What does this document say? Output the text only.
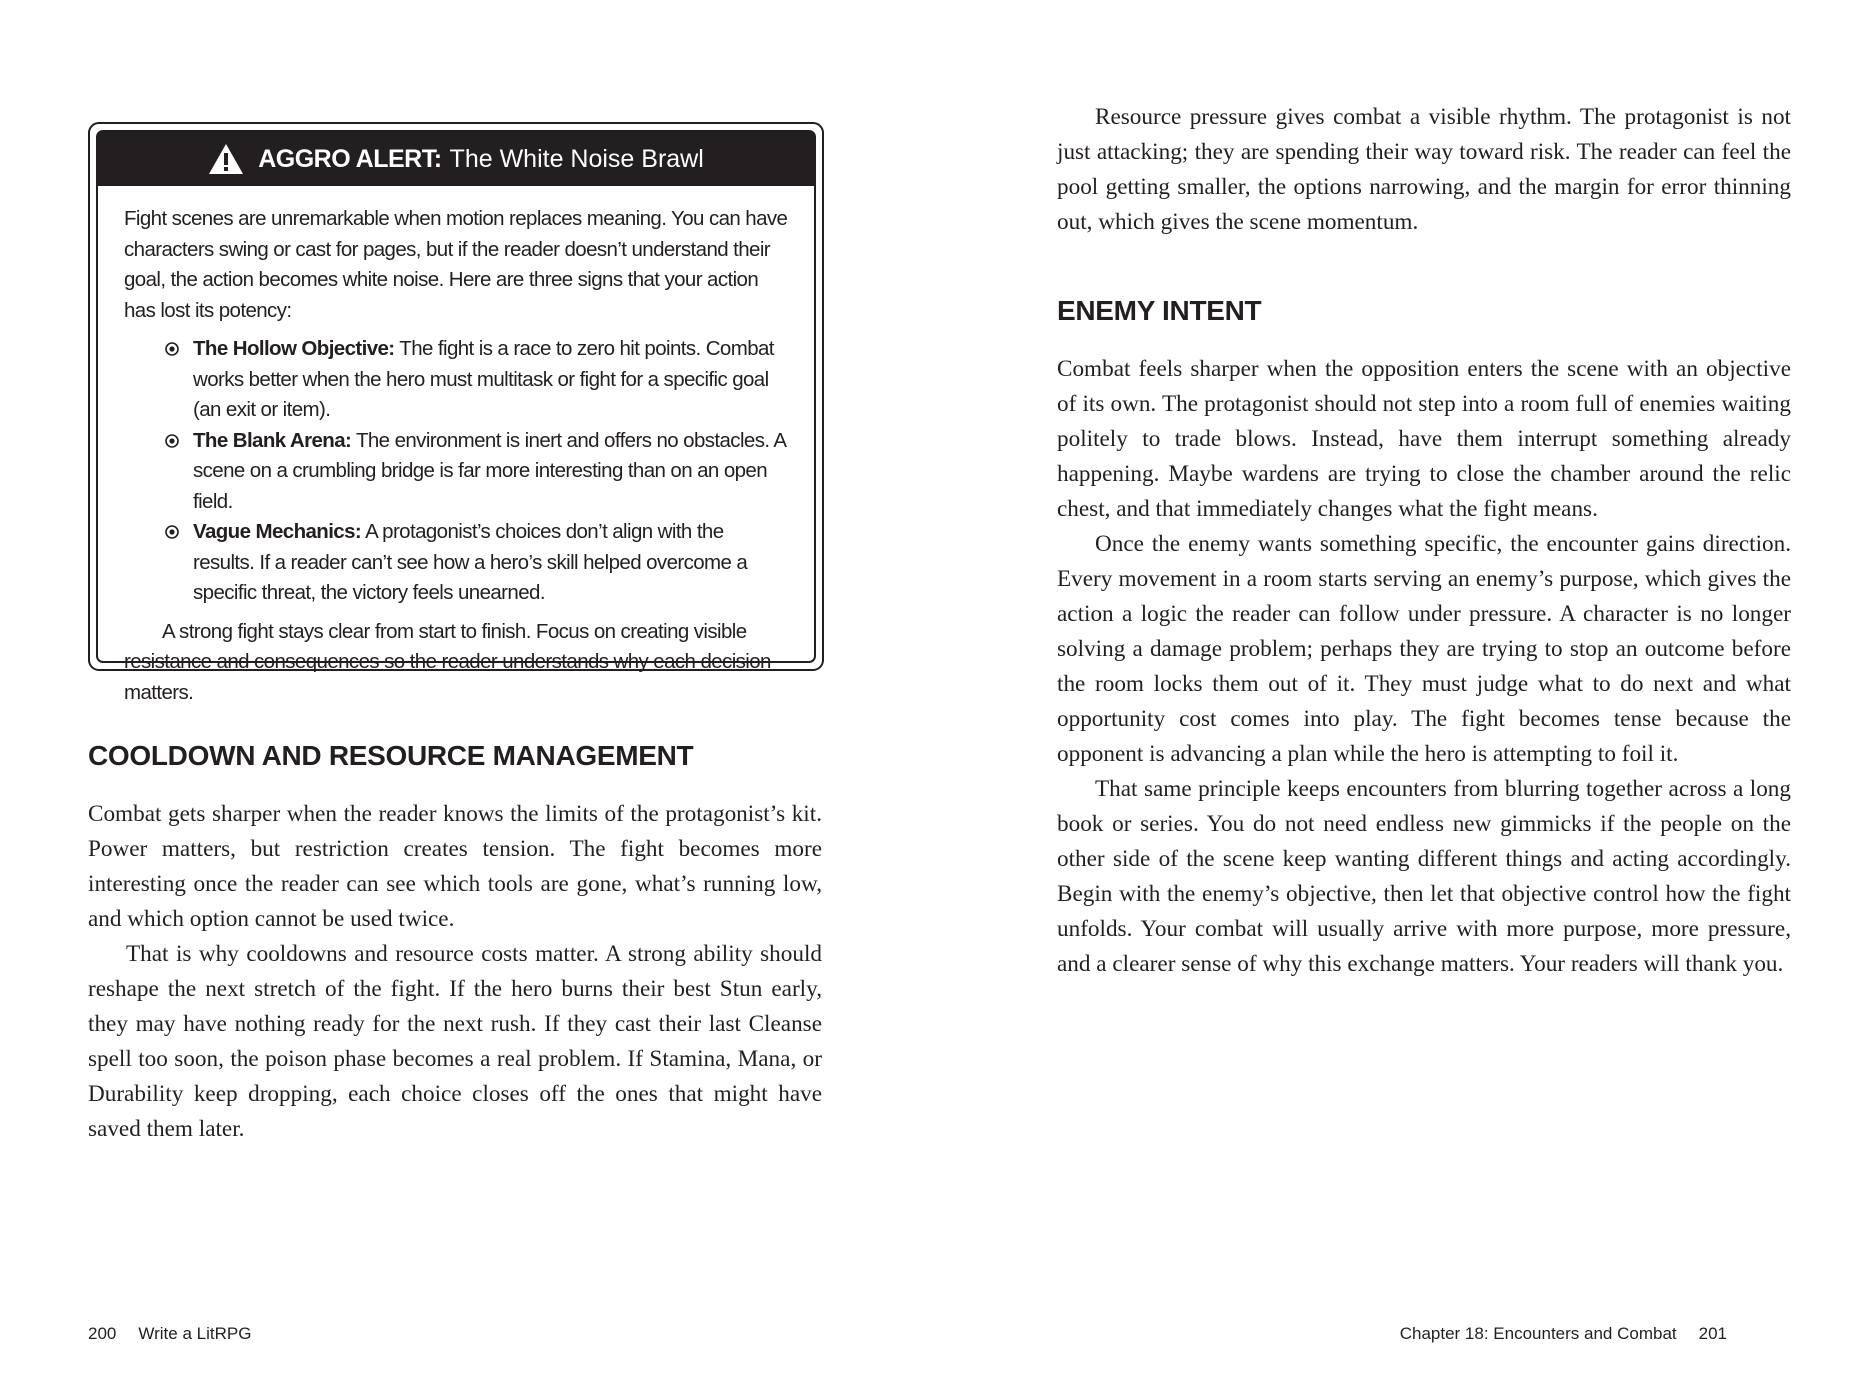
AGGRO ALERT: The White Noise Brawl

Fight scenes are unremarkable when motion replaces meaning. You can have characters swing or cast for pages, but if the reader doesn’t understand their goal, the action becomes white noise. Here are three signs that your action has lost its potency:

The Hollow Objective: The fight is a race to zero hit points. Combat works better when the hero must multitask or fight for a specific goal (an exit or item).
The Blank Arena: The environment is inert and offers no obstacles. A scene on a crumbling bridge is far more interesting than on an open field.
Vague Mechanics: A protagonist’s choices don’t align with the results. If a reader can’t see how a hero’s skill helped overcome a specific threat, the victory feels unearned.

A strong fight stays clear from start to finish. Focus on creating visible resistance and consequences so the reader understands why each decision matters.

COOLDOWN AND RESOURCE MANAGEMENT

Combat gets sharper when the reader knows the limits of the protagonist’s kit. Power matters, but restriction creates tension. The fight becomes more interesting once the reader can see which tools are gone, what’s running low, and which option cannot be used twice.

That is why cooldowns and resource costs matter. A strong ability should reshape the next stretch of the fight. If the hero burns their best Stun early, they may have nothing ready for the next rush. If they cast their last Cleanse spell too soon, the poison phase becomes a real problem. If Stamina, Mana, or Durability keep dropping, each choice closes off the ones that might have saved them later.

200 Write a LitRPG

Resource pressure gives combat a visible rhythm. The protagonist is not just attacking; they are spending their way toward risk. The reader can feel the pool getting smaller, the options narrowing, and the margin for error thinning out, which gives the scene momentum.

ENEMY INTENT

Combat feels sharper when the opposition enters the scene with an objective of its own. The protagonist should not step into a room full of enemies waiting politely to trade blows. Instead, have them interrupt something already happening. Maybe wardens are trying to close the chamber around the relic chest, and that immediately changes what the fight means.

Once the enemy wants something specific, the encounter gains direction. Every movement in a room starts serving an enemy’s purpose, which gives the action a logic the reader can follow under pressure. A character is no longer solving a damage problem; perhaps they are trying to stop an outcome before the room locks them out of it. They must judge what to do next and what opportunity cost comes into play. The fight becomes tense because the opponent is advancing a plan while the hero is attempting to foil it.

That same principle keeps encounters from blurring together across a long book or series. You do not need endless new gimmicks if the people on the other side of the scene keep wanting different things and acting accordingly. Begin with the enemy’s objective, then let that objective control how the fight unfolds. Your combat will usually arrive with more purpose, more pressure, and a clearer sense of why this exchange matters. Your readers will thank you.

Chapter 18: Encounters and Combat 201
